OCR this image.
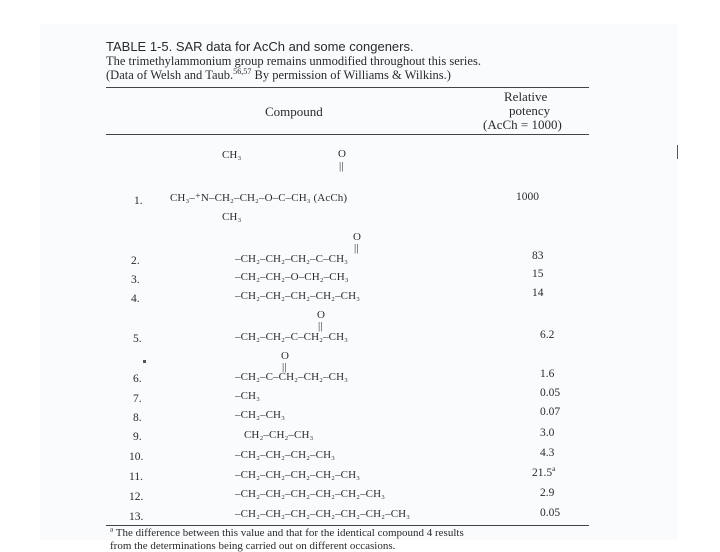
TABLE 1-5. SAR data for AcCh and some congeners.
The trimethylammonium group remains unmodified throughout this series.
(Data of Welsh and Taub.$^{56,57}$ By permission of Williams & Wilkins.)
Compound
Relative
potency
(AcCh = 1000)
CH₃	O
||
1. CH₃–⁺N–CH₂–CH₂–O–C–CH₃ (AcCh)	1000
CH₃
O
||
2.	–CH₂–CH₂–CH₂–C–CH₃	83
3.	–CH₂–CH₂–O–CH₂–CH₃	15
4.	–CH₂–CH₂–CH₂–CH₂–CH₃	14
O
||
5.	–CH₂–CH₂–C–CH₂–CH₃	6.2
O
||
6.	–CH₂–C–CH₂–CH₂–CH₃	1.6
7.	–CH₃	0.05
8.	–CH₂–CH₃	0.07
9.	CH₂–CH₂–CH₃	3.0
10.	–CH₂–CH₂–CH₂–CH₃	4.3
11.	–CH₂–CH₂–CH₂–CH₂–CH₃	21.5$^a$
12.	–CH₂–CH₂–CH₂–CH₂–CH₂–CH₃	2.9
13.	–CH₂–CH₂–CH₂–CH₂–CH₂–CH₂–CH₃	0.05
$^a$ The difference between this value and that for the identical compound 4 results
from the determinations being carried out on different occasions.
